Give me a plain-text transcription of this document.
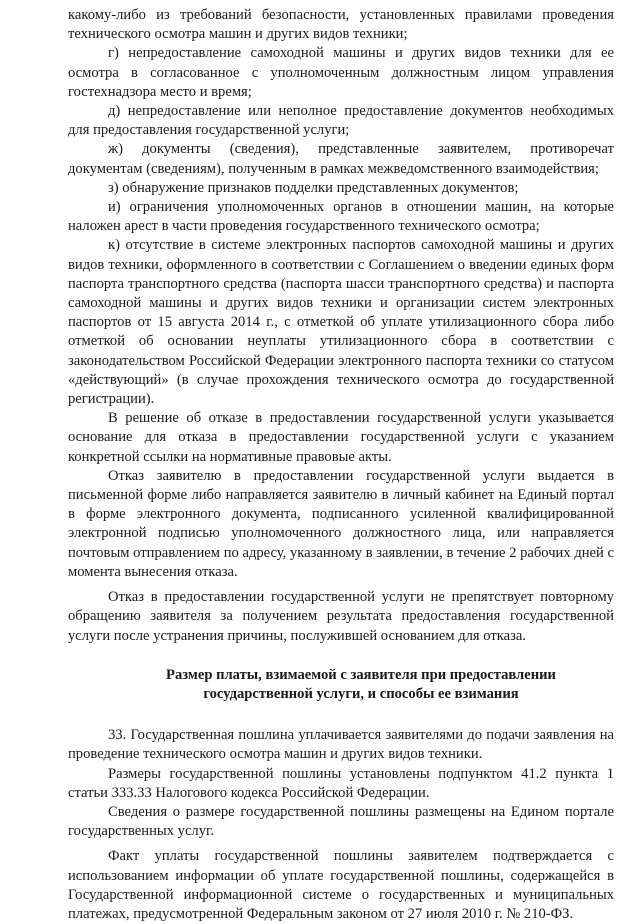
какому-либо из требований безопасности, установленных правилами проведения технического осмотра машин и других видов техники;

г) непредоставление самоходной машины и других видов техники для ее осмотра в согласованное с уполномоченным должностным лицом управления гостехнадзора место и время;

д) непредоставление или неполное предоставление документов необходимых для предоставления государственной услуги;

ж) документы (сведения), представленные заявителем, противоречат документам (сведениям), полученным в рамках межведомственного взаимодействия;

з) обнаружение признаков подделки представленных документов;

и) ограничения уполномоченных органов в отношении машин, на которые наложен арест в части проведения государственного технического осмотра;

к) отсутствие в системе электронных паспортов самоходной машины и других видов техники, оформленного в соответствии с Соглашением о введении единых форм паспорта транспортного средства (паспорта шасси транспортного средства) и паспорта самоходной машины и других видов техники и организации систем электронных паспортов от 15 августа 2014 г., с отметкой об уплате утилизационного сбора либо отметкой об основании неуплаты утилизационного сбора в соответствии с законодательством Российской Федерации электронного паспорта техники со статусом «действующий» (в случае прохождения технического осмотра до государственной регистрации).

В решение об отказе в предоставлении государственной услуги указывается основание для отказа в предоставлении государственной услуги с указанием конкретной ссылки на нормативные правовые акты.

Отказ заявителю в предоставлении государственной услуги выдается в письменной форме либо направляется заявителю в личный кабинет на Единый портал в форме электронного документа, подписанного усиленной квалифицированной электронной подписью уполномоченного должностного лица, или направляется почтовым отправлением по адресу, указанному в заявлении, в течение 2 рабочих дней с момента вынесения отказа.

Отказ в предоставлении государственной услуги не препятствует повторному обращению заявителя за получением результата предоставления государственной услуги после устранения причины, послужившей основанием для отказа.

Размер платы, взимаемой с заявителя при предоставлении

государственной услуги, и способы ее взимания

33. Государственная пошлина уплачивается заявителями до подачи заявления на проведение технического осмотра машин и других видов техники.

Размеры государственной пошлины установлены подпунктом 41.2 пункта 1 статьи 333.33 Налогового кодекса Российской Федерации.

Сведения о размере государственной пошлины размещены на Едином портале государственных услуг.

Факт уплаты государственной пошлины заявителем подтверждается с использованием информации об уплате государственной пошлины, содержащейся в Государственной информационной системе о государственных и муниципальных платежах, предусмотренной Федеральным законом от 27 июля 2010 г. № 210-ФЗ.
